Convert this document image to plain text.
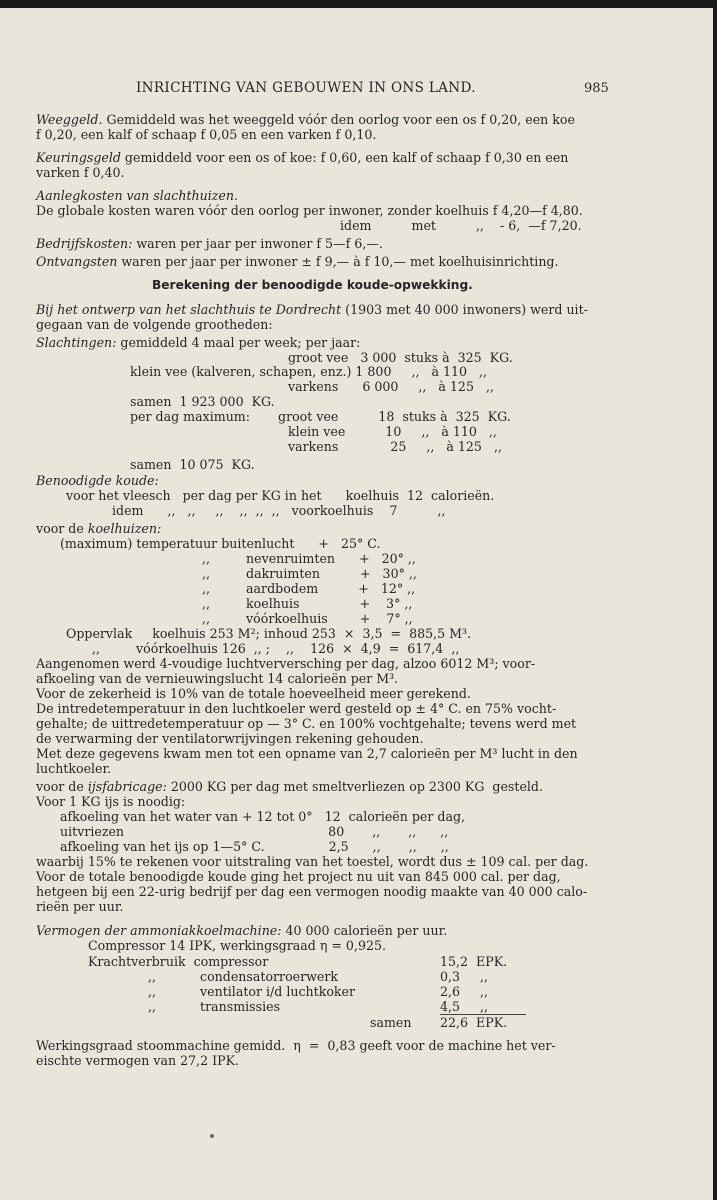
INRICHTING VAN GEBOUWEN IN ONS LAND.	985
Weeggeld. Gemiddeld was het weeggeld vóór den oorlog voor een os f 0,20, een koe
f 0,20, een kalf of schaap f 0,05 en een varken f 0,10.
Keuringsgeld gemiddeld voor een os of koe: f 0,60, een kalf of schaap f 0,30 en een
varken f 0,40.
Aanlegkosten van slachthuizen.
De globale kosten waren vóór den oorlog per inwoner, zonder koelhuis f 4,20—f 4,80.
idem          met          ,,    - 6,  —f 7,20.
Bedrijfskosten: waren per jaar per inwoner f 5—f 6,—.
Ontvangsten waren per jaar per inwoner ± f 9,— à f 10,— met koelhuisinrichting.
Berekening der benoodigde koude-opwekking.
Bij het ontwerp van het slachthuis te Dordrecht (1903 met 40 000 inwoners) werd uit-
gegaan van de volgende grootheden:
Slachtingen: gemiddeld 4 maal per week; per jaar:
groot vee   3 000  stuks à  325  KG.
klein vee (kalveren, schapen, enz.) 1 800     ,,   à 110   ,,
varkens      6 000     ,,   à 125   ,,
samen  1 923 000  KG.
per dag maximum:       groot vee          18  stuks à  325  KG.
klein vee          10     ,,   à 110   ,,
varkens             25     ,,   à 125   ,,
samen  10 075  KG.
Benoodigde koude:
voor het vleesch   per dag per KG in het      koelhuis  12  calorieën.
idem      ,,   ,,     ,,    ,,  ,,  ,,   voorkoelhuis    7          ,,
voor de koelhuizen:
(maximum) temperatuur buitenlucht      +   25° C.
,,         nevenruimten      +   20° ,,
,,         dakruimten          +   30° ,,
,,         aardbodem          +   12° ,,
,,         koelhuis               +    3° ,,
,,         vóórkoelhuis        +    7° ,,
Oppervlak     koelhuis 253 M²; inhoud 253  ×  3,5  =  885,5 M³.
,,         vóórkoelhuis 126  ,, ;    ,,    126  ×  4,9  =  617,4  ,,
Aangenomen werd 4-voudige luchtverversching per dag, alzoo 6012 M³; voor-
afkoeling van de vernieuwingslucht 14 calorieën per M³.
Voor de zekerheid is 10% van de totale hoeveelheid meer gerekend.
De intredetemperatuur in den luchtkoeler werd gesteld op ± 4° C. en 75% vocht-
gehalte; de uittredetemperatuur op — 3° C. en 100% vochtgehalte; tevens werd met
de verwarming der ventilatorwrijvingen rekening gehouden.
Met deze gegevens kwam men tot een opname van 2,7 calorieën per M³ lucht in den
luchtkoeler.
voor de ijsfabricage: 2000 KG per dag met smeltverliezen op 2300 KG  gesteld.
Voor 1 KG ijs is noodig:
afkoeling van het water van + 12 tot 0°   12  calorieën per dag,
uitvriezen                                                   80       ,,       ,,      ,,
afkoeling van het ijs op 1—5° C.                2,5      ,,       ,,      ,,
waarbij 15% te rekenen voor uitstraling van het toestel, wordt dus ± 109 cal. per dag.
Voor de totale benoodigde koude ging het project nu uit van 845 000 cal. per dag,
hetgeen bij een 22-urig bedrijf per dag een vermogen noodig maakte van 40 000 calo-
rieën per uur.
Vermogen der ammoniakkoelmachine: 40 000 calorieën per uur.
Compressor 14 IPK, werkingsgraad η = 0,925.
Krachtverbruik  compressor	15,2  EPK.
,,           condensatorroerwerk	0,3     ,,
,,           ventilator i/d luchtkoker	2,6     ,,
,,           transmissies	4,5     ,,
samen 22,6  EPK.
Werkingsgraad stoommachine gemidd.  η  =  0,83 geeft voor de machine het ver-
eischte vermogen van 27,2 IPK.
